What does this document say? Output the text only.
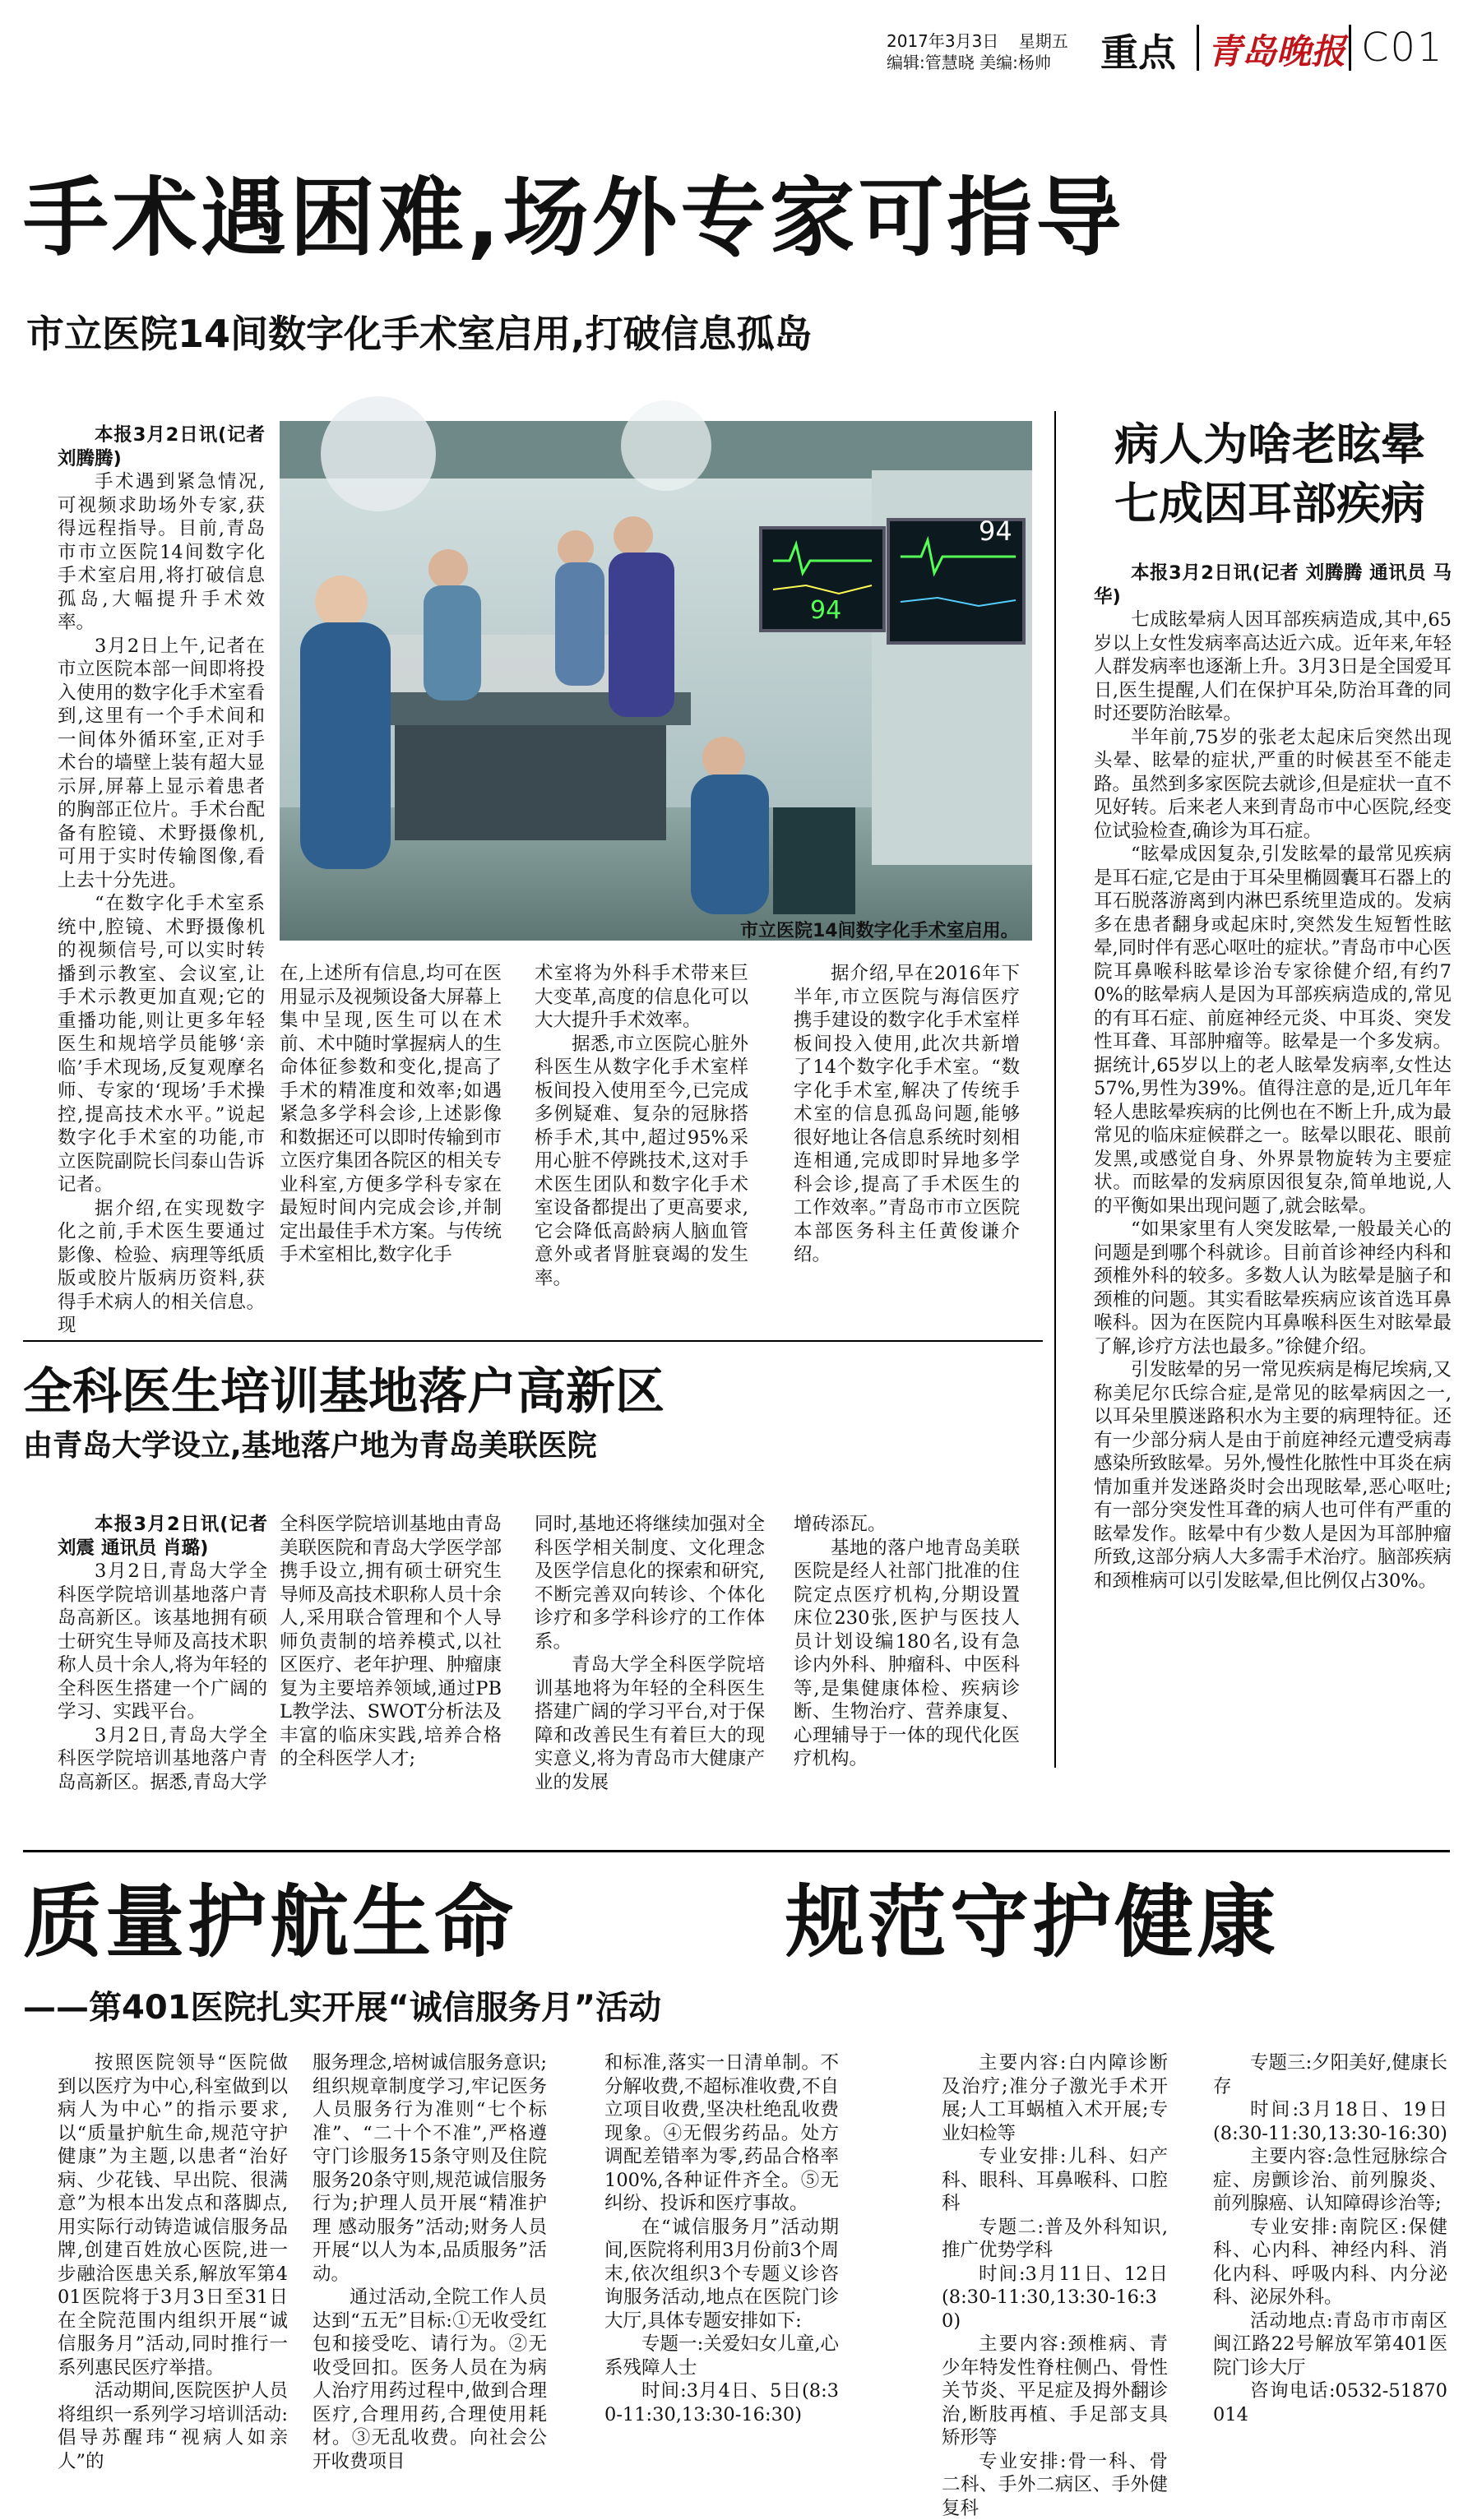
2017年3月3日 星期五
编辑:管慧晓 美编:杨帅 重点 青岛晚报 C01
手术遇困难,场外专家可指导
市立医院14间数字化手术室启用,打破信息孤岛

本报3月2日讯(记者 刘腾腾)

手术遇到紧急情况,可视频求助场外专家,获得远程指导。目前,青岛市市立医院14间数字化手术室启用,将打破信息孤岛,大幅提升手术效率。

3月2日上午,记者在市立医院本部一间即将投入使用的数字化手术室看到,这里有一个手术间和一间体外循环室,正对手术台的墙壁上装有超大显示屏,屏幕上显示着患者的胸部正位片。手术台配备有腔镜、术野摄像机,可用于实时传输图像,看上去十分先进。

“在数字化手术室系统中,腔镜、术野摄像机的视频信号,可以实时转播到示教室、会议室,让手术示教更加直观;它的重播功能,则让更多年轻医生和规培学员能够‘亲临’手术现场,反复观摩名师、专家的‘现场’手术操控,提高技术水平。”说起数字化手术室的功能,市立医院副院长闫泰山告诉记者。

据介绍,在实现数字化之前,手术医生要通过影像、检验、病理等纸质版或胶片版病历资料,获得手术病人的相关信息。现

94
94
市立医院14间数字化手术室启用。

在,上述所有信息,均可在医用显示及视频设备大屏幕上集中呈现,医生可以在术前、术中随时掌握病人的生命体征参数和变化,提高了手术的精准度和效率;如遇紧急多学科会诊,上述影像和数据还可以即时传输到市立医疗集团各院区的相关专业科室,方便多学科专家在最短时间内完成会诊,并制定出最佳手术方案。与传统手术室相比,数字化手

术室将为外科手术带来巨大变革,高度的信息化可以大大提升手术效率。

据悉,市立医院心脏外科医生从数字化手术室样板间投入使用至今,已完成多例疑难、复杂的冠脉搭桥手术,其中,超过95%采用心脏不停跳技术,这对手术医生团队和数字化手术室设备都提出了更高要求,它会降低高龄病人脑血管意外或者肾脏衰竭的发生率。

据介绍,早在2016年下半年,市立医院与海信医疗携手建设的数字化手术室样板间投入使用,此次共新增了14个数字化手术室。“数字化手术室,解决了传统手术室的信息孤岛问题,能够很好地让各信息系统时刻相连相通,完成即时异地多学科会诊,提高了手术医生的工作效率。”青岛市市立医院本部医务科主任黄俊谦介绍。

病人为啥老眩晕
七成因耳部疾病

本报3月2日讯(记者 刘腾腾 通讯员 马华)

七成眩晕病人因耳部疾病造成,其中,65岁以上女性发病率高达近六成。近年来,年轻人群发病率也逐渐上升。3月3日是全国爱耳日,医生提醒,人们在保护耳朵,防治耳聋的同时还要防治眩晕。

半年前,75岁的张老太起床后突然出现头晕、眩晕的症状,严重的时候甚至不能走路。虽然到多家医院去就诊,但是症状一直不见好转。后来老人来到青岛市中心医院,经变位试验检查,确诊为耳石症。

“眩晕成因复杂,引发眩晕的最常见疾病是耳石症,它是由于耳朵里椭圆囊耳石器上的耳石脱落游离到内淋巴系统里造成的。发病多在患者翻身或起床时,突然发生短暂性眩晕,同时伴有恶心呕吐的症状。”青岛市中心医院耳鼻喉科眩晕诊治专家徐健介绍,有约70%的眩晕病人是因为耳部疾病造成的,常见的有耳石症、前庭神经元炎、中耳炎、突发性耳聋、耳部肿瘤等。眩晕是一个多发病。据统计,65岁以上的老人眩晕发病率,女性达57%,男性为39%。值得注意的是,近几年年轻人患眩晕疾病的比例也在不断上升,成为最常见的临床症候群之一。眩晕以眼花、眼前发黑,或感觉自身、外界景物旋转为主要症状。而眩晕的发病原因很复杂,简单地说,人的平衡如果出现问题了,就会眩晕。

“如果家里有人突发眩晕,一般最关心的问题是到哪个科就诊。目前首诊神经内科和颈椎外科的较多。多数人认为眩晕是脑子和颈椎的问题。其实看眩晕疾病应该首选耳鼻喉科。因为在医院内耳鼻喉科医生对眩晕最了解,诊疗方法也最多。”徐健介绍。

引发眩晕的另一常见疾病是梅尼埃病,又称美尼尔氏综合症,是常见的眩晕病因之一,以耳朵里膜迷路积水为主要的病理特征。还有一少部分病人是由于前庭神经元遭受病毒感染所致眩晕。另外,慢性化脓性中耳炎在病情加重并发迷路炎时会出现眩晕,恶心呕吐;有一部分突发性耳聋的病人也可伴有严重的眩晕发作。眩晕中有少数人是因为耳部肿瘤所致,这部分病人大多需手术治疗。脑部疾病和颈椎病可以引发眩晕,但比例仅占30%。

全科医生培训基地落户高新区
由青岛大学设立,基地落户地为青岛美联医院

本报3月2日讯(记者 刘震 通讯员 肖璐)

3月2日,青岛大学全科医学院培训基地落户青岛高新区。该基地拥有硕士研究生导师及高技术职称人员十余人,将为年轻的全科医生搭建一个广阔的学习、实践平台。

3月2日,青岛大学全科医学院培训基地落户青岛高新区。据悉,青岛大学

全科医学院培训基地由青岛美联医院和青岛大学医学部携手设立,拥有硕士研究生导师及高技术职称人员十余人,采用联合管理和个人导师负责制的培养模式,以社区医疗、老年护理、肿瘤康复为主要培养领域,通过PBL教学法、SWOT分析法及丰富的临床实践,培养合格的全科医学人才;

同时,基地还将继续加强对全科医学相关制度、文化理念及医学信息化的探索和研究,不断完善双向转诊、个体化诊疗和多学科诊疗的工作体系。

青岛大学全科医学院培训基地将为年轻的全科医生搭建广阔的学习平台,对于保障和改善民生有着巨大的现实意义,将为青岛市大健康产业的发展

增砖添瓦。

基地的落户地青岛美联医院是经人社部门批准的住院定点医疗机构,分期设置床位230张,医护与医技人员计划设编180名,设有急诊内外科、肿瘤科、中医科等,是集健康体检、疾病诊断、生物治疗、营养康复、心理辅导于一体的现代化医疗机构。

质量护航生命	规范守护健康
——第401医院扎实开展“诚信服务月”活动

按照医院领导“医院做到以医疗为中心,科室做到以病人为中心”的指示要求,以“质量护航生命,规范守护健康”为主题,以患者“治好病、少花钱、早出院、很满意”为根本出发点和落脚点,用实际行动铸造诚信服务品牌,创建百姓放心医院,进一步融洽医患关系,解放军第401医院将于3月3日至31日在全院范围内组织开展“诚信服务月”活动,同时推行一系列惠民医疗举措。

活动期间,医院医护人员将组织一系列学习培训活动:倡导苏醒玮“视病人如亲人”的

服务理念,培树诚信服务意识;组织规章制度学习,牢记医务人员服务行为准则“七个标准”、“二十个不准”,严格遵守门诊服务15条守则及住院服务20条守则,规范诚信服务行为;护理人员开展“精准护理 感动服务”活动;财务人员开展“以人为本,品质服务”活动。

通过活动,全院工作人员达到“五无”目标:①无收受红包和接受吃、请行为。②无收受回扣。医务人员在为病人治疗用药过程中,做到合理医疗,合理用药,合理使用耗材。③无乱收费。向社会公开收费项目

和标准,落实一日清单制。不分解收费,不超标准收费,不自立项目收费,坚决杜绝乱收费现象。④无假劣药品。处方调配差错率为零,药品合格率100%,各种证件齐全。⑤无纠纷、投诉和医疗事故。

在“诚信服务月”活动期间,医院将利用3月份前3个周末,依次组织3个专题义诊咨询服务活动,地点在医院门诊大厅,具体专题安排如下:

专题一:关爱妇女儿童,心系残障人士

时间:3月4日、5日(8:30-11:30,13:30-16:30)

主要内容:白内障诊断及治疗;准分子激光手术开展;人工耳蜗植入术开展;专业妇检等

专业安排:儿科、妇产科、眼科、耳鼻喉科、口腔科

专题二:普及外科知识,推广优势学科

时间:3月11日、12日(8:30-11:30,13:30-16:30)

主要内容:颈椎病、青少年特发性脊柱侧凸、骨性关节炎、平足症及拇外翻诊治,断肢再植、手足部支具矫形等

专业安排:骨一科、骨二科、手外二病区、手外健复科

专题三:夕阳美好,健康长存

时间:3月18日、19日(8:30-11:30,13:30-16:30)

主要内容:急性冠脉综合症、房颤诊治、前列腺炎、前列腺癌、认知障碍诊治等;

专业安排:南院区:保健科、心内科、神经内科、消化内科、呼吸内科、内分泌科、泌尿外科。

活动地点:青岛市市南区闽江路22号解放军第401医院门诊大厅

咨询电话:0532-51870014
